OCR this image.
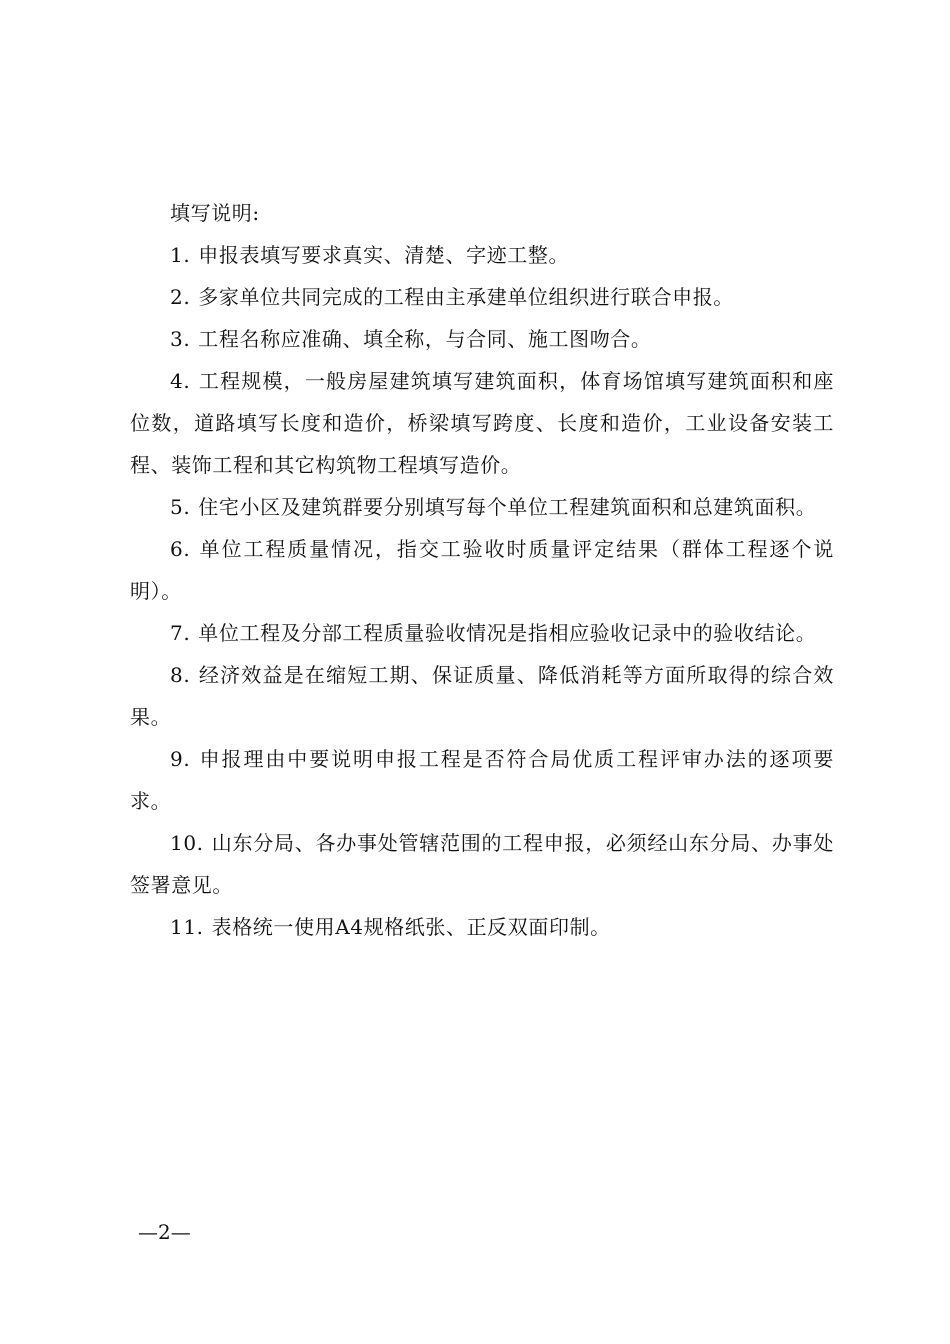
填写说明:

1. 申报表填写要求真实、清楚、字迹工整。
2. 多家单位共同完成的工程由主承建单位组织进行联合申报。
3. 工程名称应准确、填全称，与合同、施工图吻合。
4. 工程规模，一般房屋建筑填写建筑面积，体育场馆填写建筑面积和座位数，道路填写长度和造价，桥梁填写跨度、长度和造价，工业设备安装工程、装饰工程和其它构筑物工程填写造价。
5. 住宅小区及建筑群要分别填写每个单位工程建筑面积和总建筑面积。
6. 单位工程质量情况，指交工验收时质量评定结果（群体工程逐个说明）。
7. 单位工程及分部工程质量验收情况是指相应验收记录中的验收结论。
8. 经济效益是在缩短工期、保证质量、降低消耗等方面所取得的综合效果。
9. 申报理由中要说明申报工程是否符合局优质工程评审办法的逐项要求。
10. 山东分局、各办事处管辖范围的工程申报，必须经山东分局、办事处签署意见。
11. 表格统一使用A4规格纸张、正反双面印制。
—2—
